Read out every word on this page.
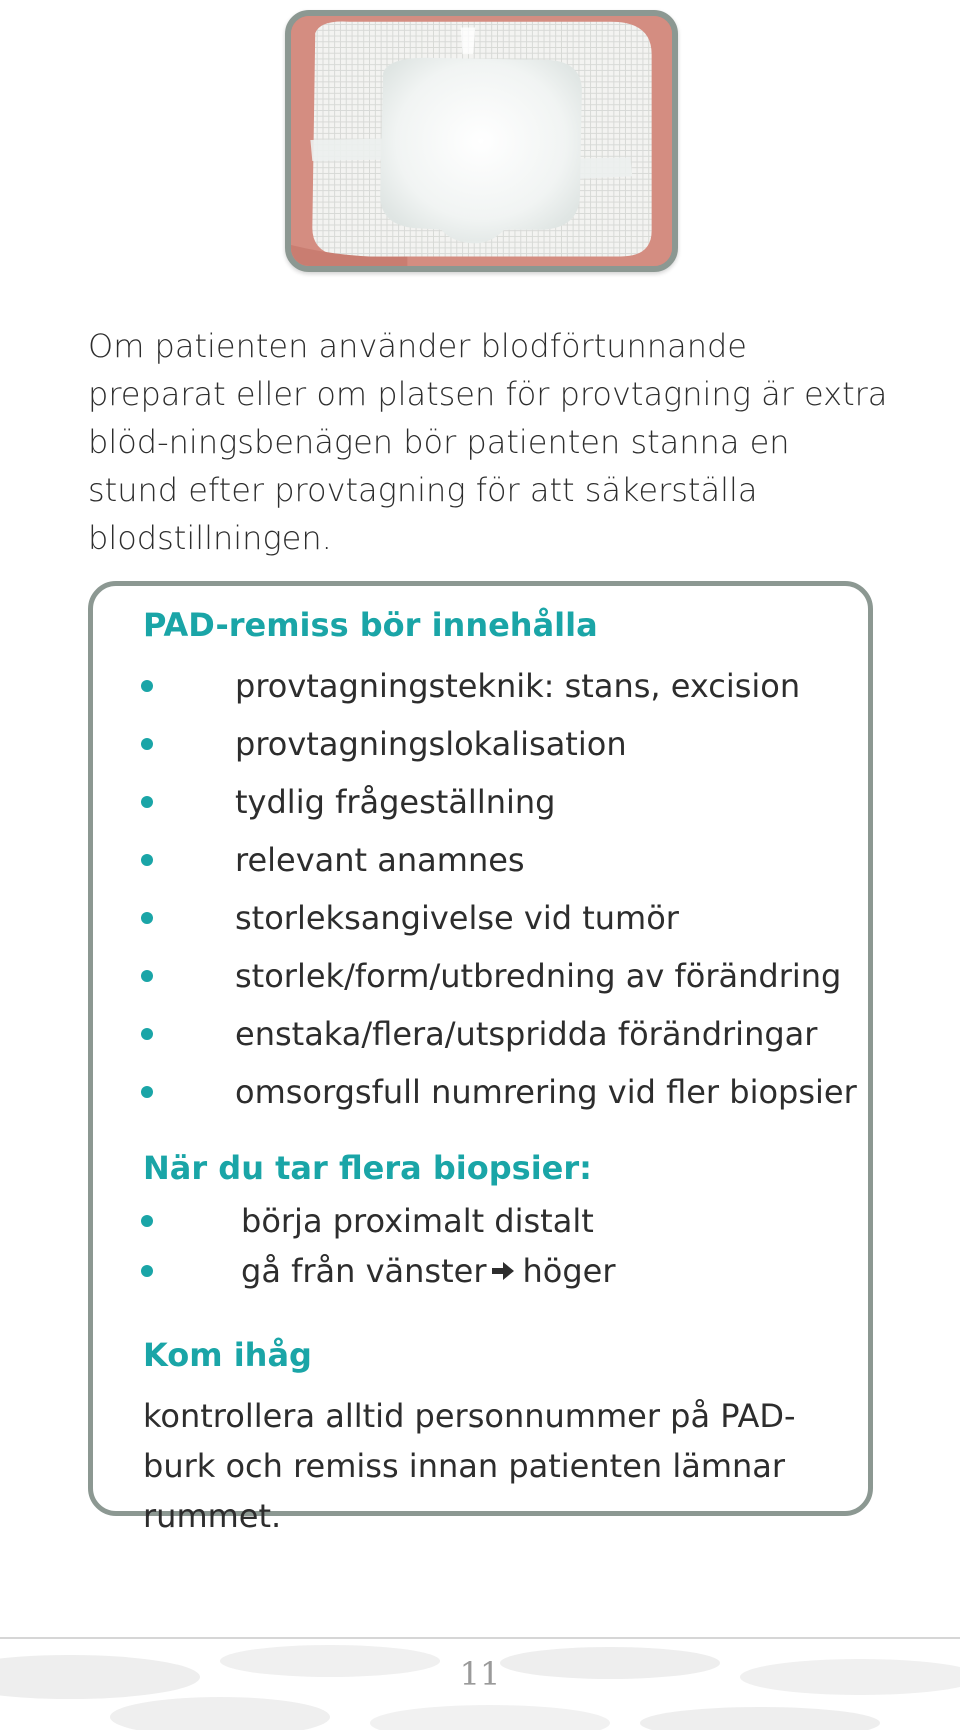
Om patienten använder blodförtunnande preparat eller om platsen för provtagning är extra blöd-ningsbenägen bör patienten stanna en stund efter provtagning för att säkerställa blodstillningen.

PAD-remiss bör innehålla
provtagningsteknik: stans, excision
provtagningslokalisation
tydlig frågeställning
relevant anamnes
storleksangivelse vid tumör
storlek/form/utbredning av förändring
enstaka/flera/utspridda förändringar
omsorgsfull numrering vid fler biopsier
När du tar flera biopsier:
börja proximalt distalt
gå från vänster höger
Kom ihåg

kontrollera alltid personnummer på PAD-burk och remiss innan patienten lämnar rummet.

11
